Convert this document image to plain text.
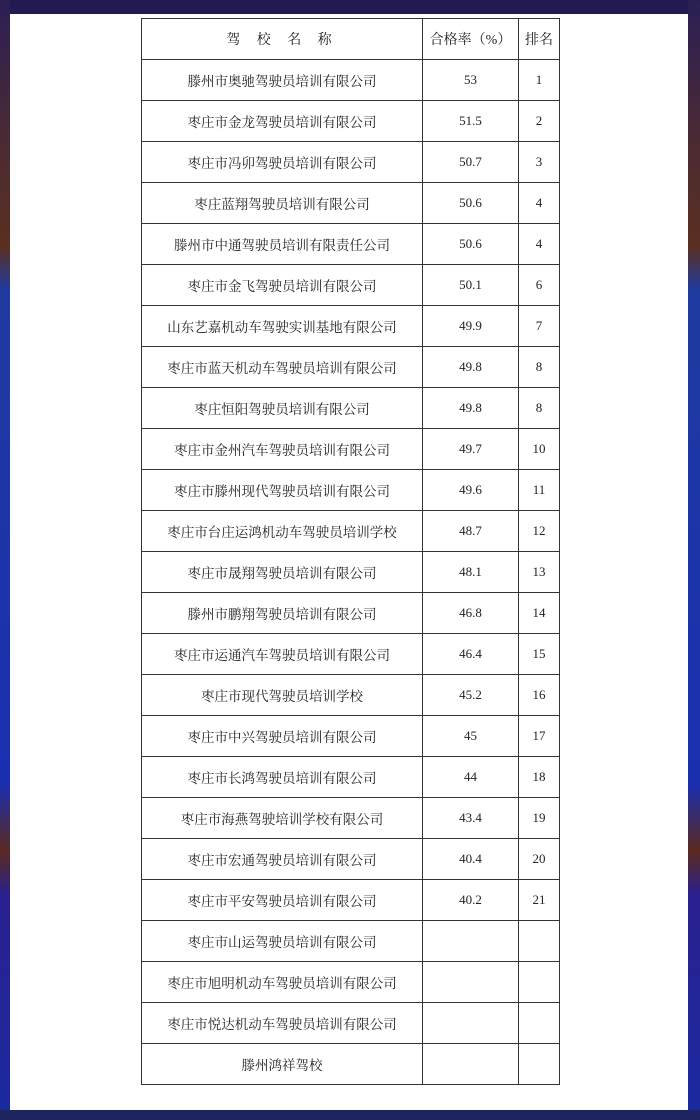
驾 校 名 称	合格率（%）	排名
滕州市奥驰驾驶员培训有限公司	53	1
枣庄市金龙驾驶员培训有限公司	51.5	2
枣庄市冯卯驾驶员培训有限公司	50.7	3
枣庄蓝翔驾驶员培训有限公司	50.6	4
滕州市中通驾驶员培训有限责任公司	50.6	4
枣庄市金飞驾驶员培训有限公司	50.1	6
山东艺嘉机动车驾驶实训基地有限公司	49.9	7
枣庄市蓝天机动车驾驶员培训有限公司	49.8	8
枣庄恒阳驾驶员培训有限公司	49.8	8
枣庄市金州汽车驾驶员培训有限公司	49.7	10
枣庄市滕州现代驾驶员培训有限公司	49.6	11
枣庄市台庄运鸿机动车驾驶员培训学校	48.7	12
枣庄市晟翔驾驶员培训有限公司	48.1	13
滕州市鹏翔驾驶员培训有限公司	46.8	14
枣庄市运通汽车驾驶员培训有限公司	46.4	15
枣庄市现代驾驶员培训学校	45.2	16
枣庄市中兴驾驶员培训有限公司	45	17
枣庄市长鸿驾驶员培训有限公司	44	18
枣庄市海燕驾驶培训学校有限公司	43.4	19
枣庄市宏通驾驶员培训有限公司	40.4	20
枣庄市平安驾驶员培训有限公司	40.2	21
枣庄市山运驾驶员培训有限公司		
枣庄市旭明机动车驾驶员培训有限公司		
枣庄市悦达机动车驾驶员培训有限公司		
滕州鸿祥驾校		
